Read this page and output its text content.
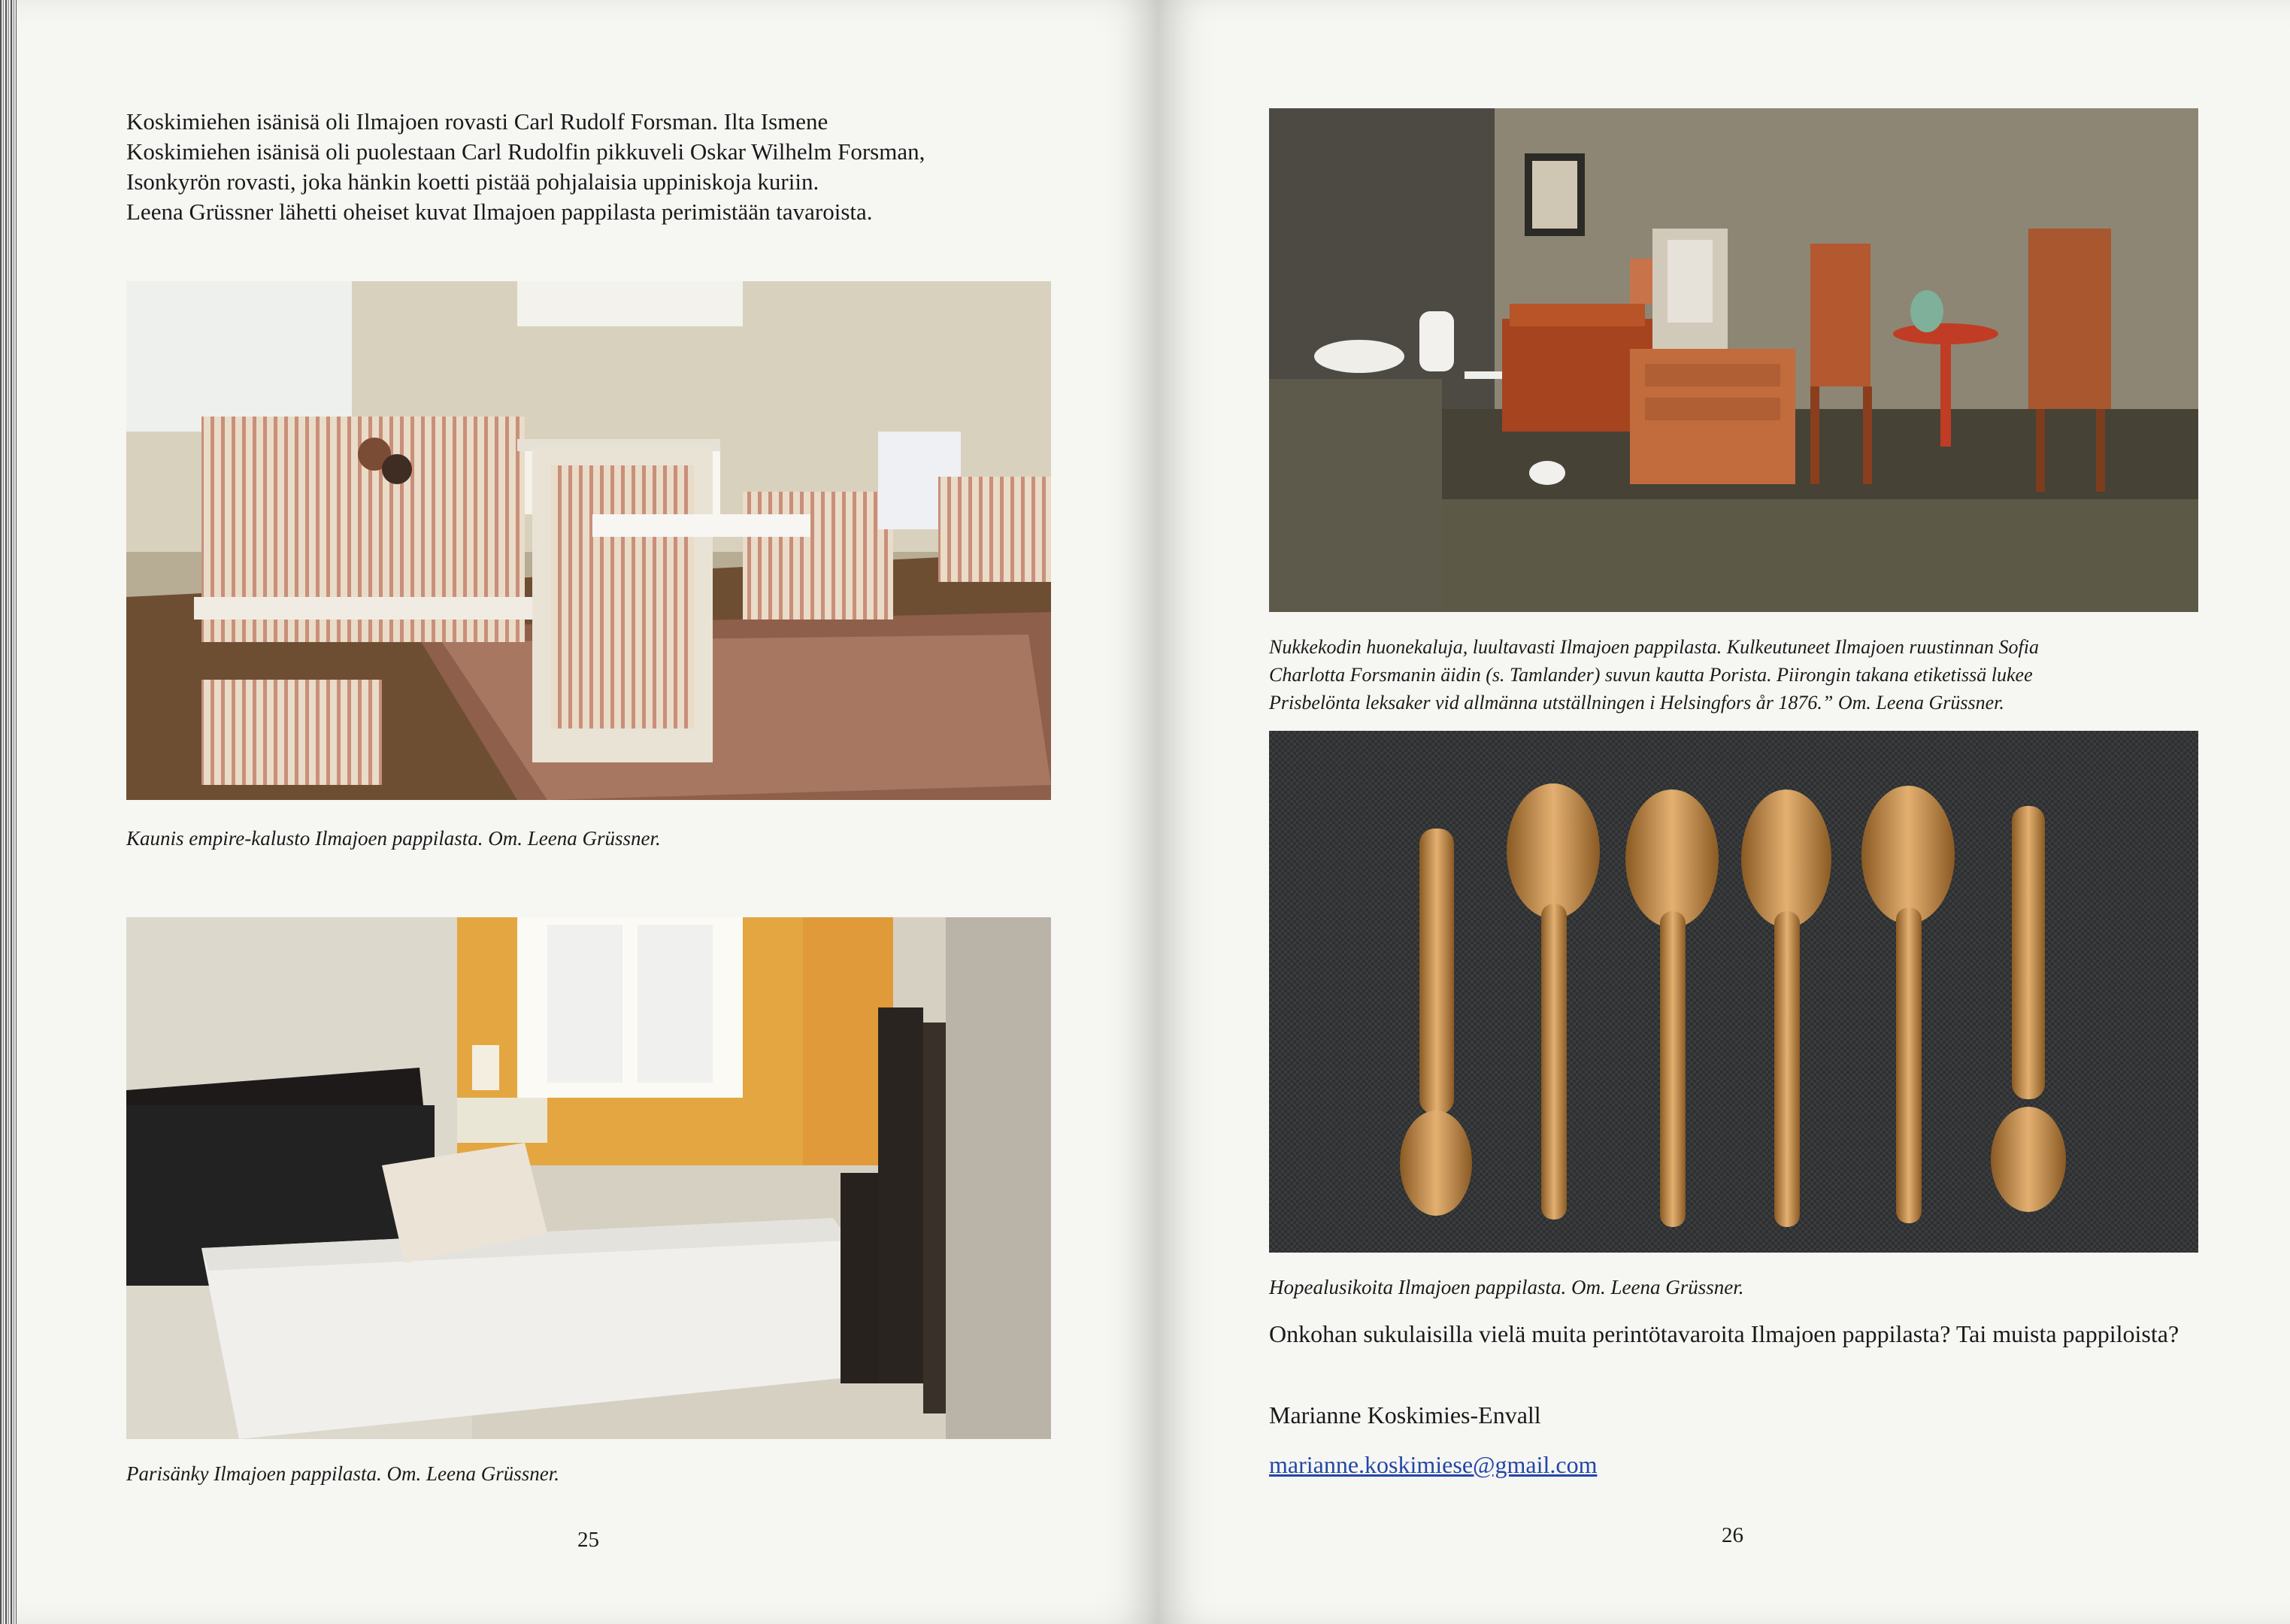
Koskimiehen isänisä oli Ilmajoen rovasti Carl Rudolf Forsman. Ilta Ismene

Koskimiehen isänisä oli puolestaan Carl Rudolfin pikkuveli Oskar Wilhelm Forsman,

Isonkyrön rovasti, joka hänkin koetti pistää pohjalaisia uppiniskoja kuriin.

Leena Grüssner lähetti oheiset kuvat Ilmajoen pappilasta perimistään tavaroista.

Kaunis empire-kalusto Ilmajoen pappilasta. Om. Leena Grüssner.
Parisänky Ilmajoen pappilasta. Om. Leena Grüssner.
25
Nukkekodin huonekaluja, luultavasti Ilmajoen pappilasta. Kulkeutuneet Ilmajoen ruustinnan Sofia
Charlotta Forsmanin äidin (s. Tamlander) suvun kautta Porista. Piirongin takana etiketissä lukee
Prisbelönta leksaker vid allmänna utställningen i Helsingfors år 1876.” Om. Leena Grüssner.
Hopealusikoita Ilmajoen pappilasta. Om. Leena Grüssner.
Onkohan sukulaisilla vielä muita perintötavaroita Ilmajoen pappilasta? Tai muista pappiloista?
Marianne Koskimies-Envall
marianne.koskimiese@gmail.com
26
